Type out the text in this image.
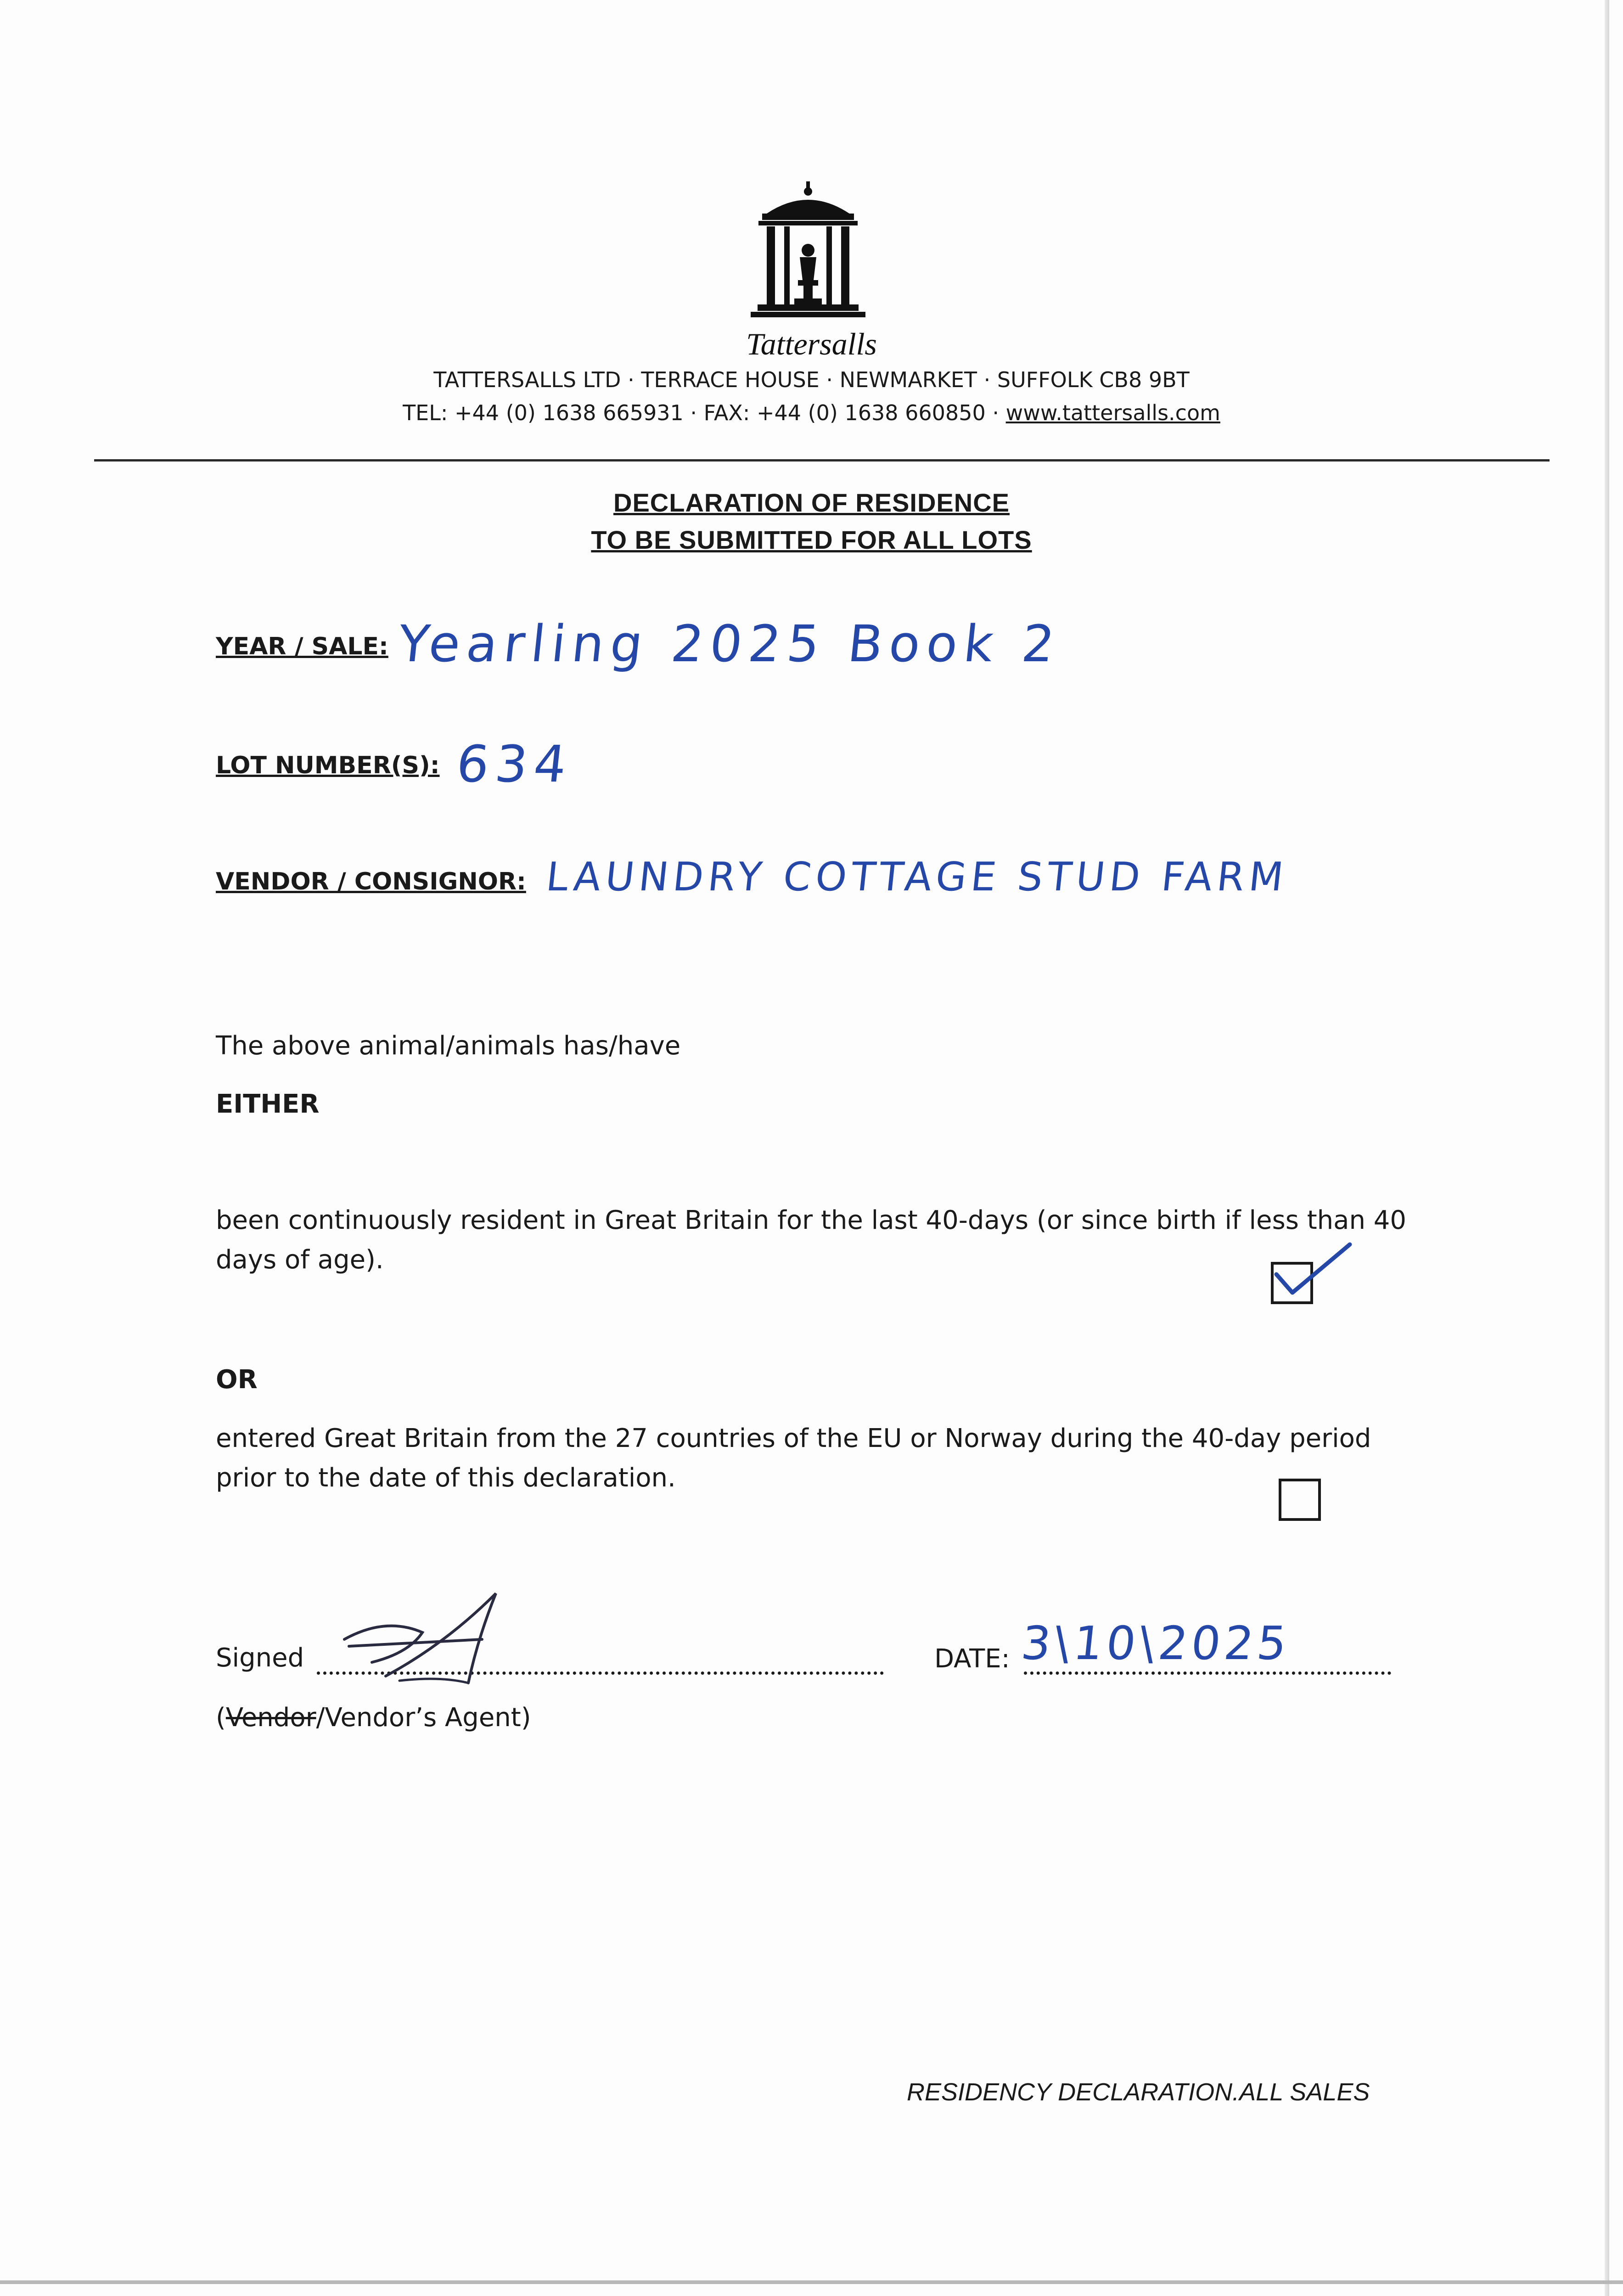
Tattersalls
TATTERSALLS LTD · TERRACE HOUSE · NEWMARKET · SUFFOLK CB8 9BT
TEL: +44 (0) 1638 665931 · FAX: +44 (0) 1638 660850 · www.tattersalls.com
DECLARATION OF RESIDENCE
TO BE SUBMITTED FOR ALL LOTS
YEAR / SALE: Yearling 2025 Book 2
LOT NUMBER(S): 634
VENDOR / CONSIGNOR: LAUNDRY COTTAGE STUD FARM
The above animal/animals has/have
EITHER
been continuously resident in Great Britain for the last 40-days (or since birth if less than 40 days of age).
OR
entered Great Britain from the 27 countries of the EU or Norway during the 40-day period prior to the date of this declaration.
Signed	DATE: 3\10\2025
(Vendor/Vendor’s Agent)
RESIDENCY DECLARATION.ALL SALES
